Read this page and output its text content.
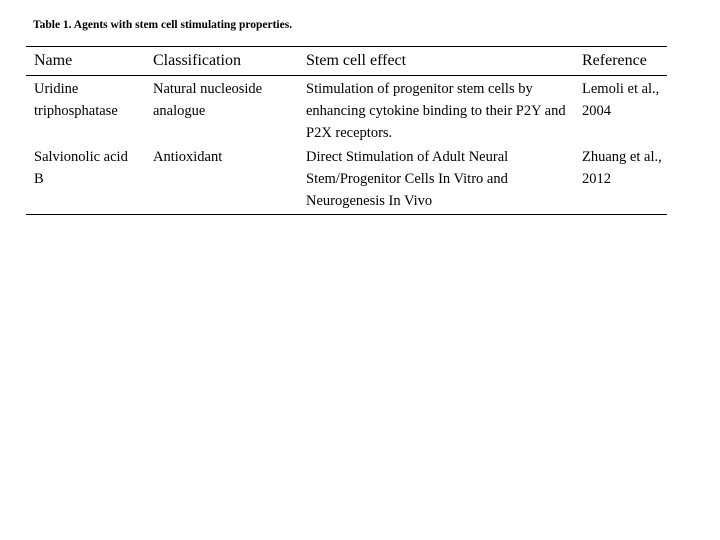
Table 1. Agents with stem cell stimulating properties.
Name	Classification	Stem cell effect	Reference
Uridine triphosphatase	Natural nucleoside analogue	Stimulation of progenitor stem cells by enhancing cytokine binding to their P2Y and P2X receptors.	Lemoli et al., 2004
Salvionolic acid B	Antioxidant	Direct Stimulation of Adult Neural Stem/Progenitor Cells In Vitro and Neurogenesis In Vivo	Zhuang et al., 2012
